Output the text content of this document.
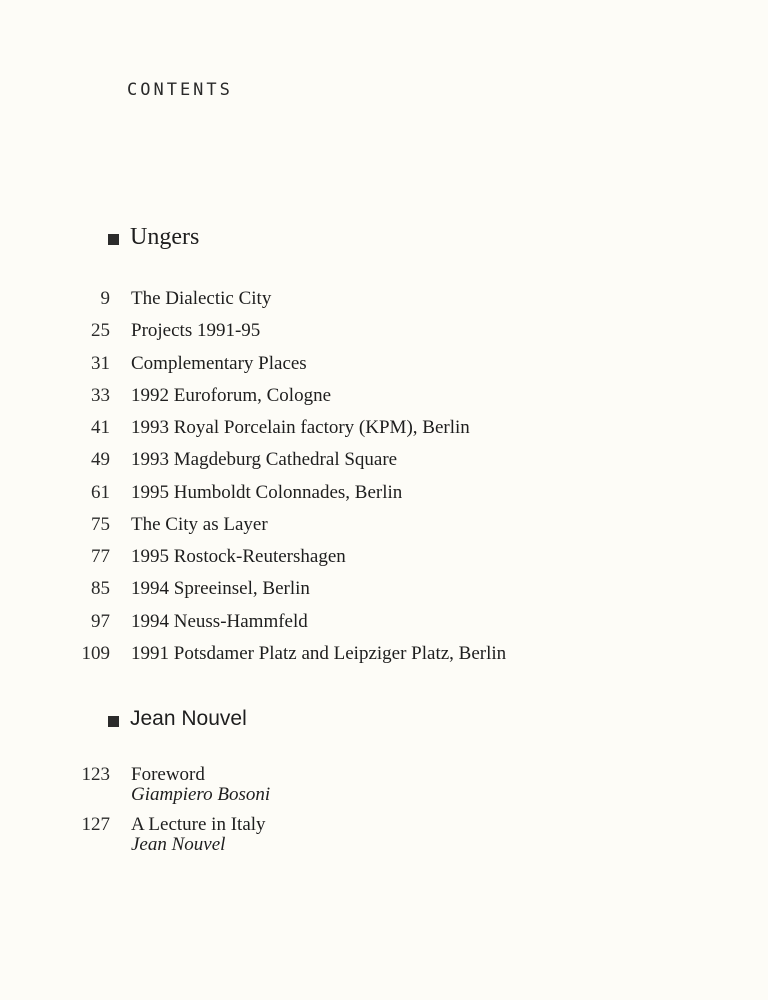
CONTENTS
Ungers
9 The Dialectic City
25 Projects 1991-95
31 Complementary Places
33 1992 Euroforum, Cologne
41 1993 Royal Porcelain factory (KPM), Berlin
49 1993 Magdeburg Cathedral Square
61 1995 Humboldt Colonnades, Berlin
75 The City as Layer
77 1995 Rostock-Reutershagen
85 1994 Spreeinsel, Berlin
97 1994 Neuss-Hammfeld
109 1991 Potsdamer Platz and Leipziger Platz, Berlin
Jean Nouvel
123 Foreword
Giampiero Bosoni
127 A Lecture in Italy
Jean Nouvel
